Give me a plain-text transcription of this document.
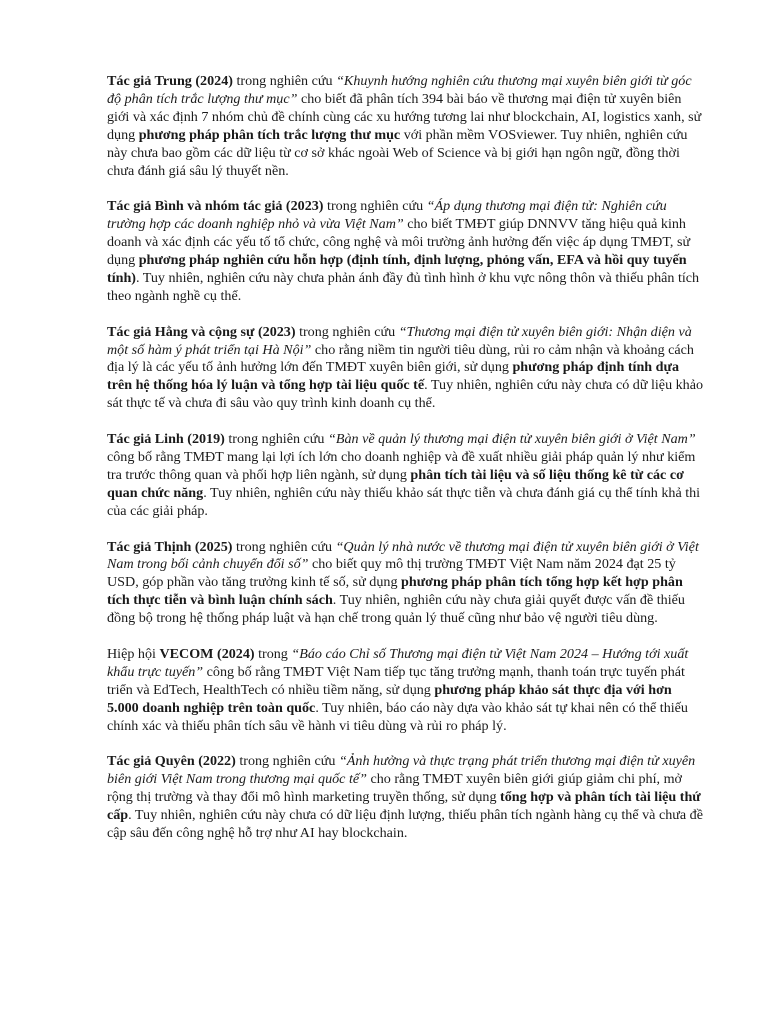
Tác giả Trung (2024) trong nghiên cứu “Khuynh hướng nghiên cứu thương mại xuyên biên giới từ góc độ phân tích trắc lượng thư mục” cho biết đã phân tích 394 bài báo về thương mại điện tử xuyên biên giới và xác định 7 nhóm chủ đề chính cùng các xu hướng tương lai như blockchain, AI, logistics xanh, sử dụng phương pháp phân tích trắc lượng thư mục với phần mềm VOSviewer. Tuy nhiên, nghiên cứu này chưa bao gồm các dữ liệu từ cơ sở khác ngoài Web of Science và bị giới hạn ngôn ngữ, đồng thời chưa đánh giá sâu lý thuyết nền.

Tác giả Bình và nhóm tác giả (2023) trong nghiên cứu “Áp dụng thương mại điện tử: Nghiên cứu trường hợp các doanh nghiệp nhỏ và vừa Việt Nam” cho biết TMĐT giúp DNNVV tăng hiệu quả kinh doanh và xác định các yếu tố tổ chức, công nghệ và môi trường ảnh hưởng đến việc áp dụng TMĐT, sử dụng phương pháp nghiên cứu hỗn hợp (định tính, định lượng, phỏng vấn, EFA và hồi quy tuyến tính). Tuy nhiên, nghiên cứu này chưa phản ánh đầy đủ tình hình ở khu vực nông thôn và thiếu phân tích theo ngành nghề cụ thể.

Tác giả Hằng và cộng sự (2023) trong nghiên cứu “Thương mại điện tử xuyên biên giới: Nhận diện và một số hàm ý phát triển tại Hà Nội” cho rằng niềm tin người tiêu dùng, rủi ro cảm nhận và khoảng cách địa lý là các yếu tố ảnh hưởng lớn đến TMĐT xuyên biên giới, sử dụng phương pháp định tính dựa trên hệ thống hóa lý luận và tổng hợp tài liệu quốc tế. Tuy nhiên, nghiên cứu này chưa có dữ liệu khảo sát thực tế và chưa đi sâu vào quy trình kinh doanh cụ thể.

Tác giả Linh (2019) trong nghiên cứu “Bàn về quản lý thương mại điện tử xuyên biên giới ở Việt Nam” công bố rằng TMĐT mang lại lợi ích lớn cho doanh nghiệp và đề xuất nhiều giải pháp quản lý như kiểm tra trước thông quan và phối hợp liên ngành, sử dụng phân tích tài liệu và số liệu thống kê từ các cơ quan chức năng. Tuy nhiên, nghiên cứu này thiếu khảo sát thực tiễn và chưa đánh giá cụ thể tính khả thi của các giải pháp.

Tác giả Thịnh (2025) trong nghiên cứu “Quản lý nhà nước về thương mại điện tử xuyên biên giới ở Việt Nam trong bối cảnh chuyển đổi số” cho biết quy mô thị trường TMĐT Việt Nam năm 2024 đạt 25 tỷ USD, góp phần vào tăng trưởng kinh tế số, sử dụng phương pháp phân tích tổng hợp kết hợp phân tích thực tiễn và bình luận chính sách. Tuy nhiên, nghiên cứu này chưa giải quyết được vấn đề thiếu đồng bộ trong hệ thống pháp luật và hạn chế trong quản lý thuế cũng như bảo vệ người tiêu dùng.

Hiệp hội VECOM (2024) trong “Báo cáo Chỉ số Thương mại điện tử Việt Nam 2024 – Hướng tới xuất khẩu trực tuyến” công bố rằng TMĐT Việt Nam tiếp tục tăng trưởng mạnh, thanh toán trực tuyến phát triển và EdTech, HealthTech có nhiều tiềm năng, sử dụng phương pháp khảo sát thực địa với hơn 5.000 doanh nghiệp trên toàn quốc. Tuy nhiên, báo cáo này dựa vào khảo sát tự khai nên có thể thiếu chính xác và thiếu phân tích sâu về hành vi tiêu dùng và rủi ro pháp lý.

Tác giả Quyên (2022) trong nghiên cứu “Ảnh hưởng và thực trạng phát triển thương mại điện tử xuyên biên giới Việt Nam trong thương mại quốc tế” cho rằng TMĐT xuyên biên giới giúp giảm chi phí, mở rộng thị trường và thay đổi mô hình marketing truyền thống, sử dụng tổng hợp và phân tích tài liệu thứ cấp. Tuy nhiên, nghiên cứu này chưa có dữ liệu định lượng, thiếu phân tích ngành hàng cụ thể và chưa đề cập sâu đến công nghệ hỗ trợ như AI hay blockchain.
